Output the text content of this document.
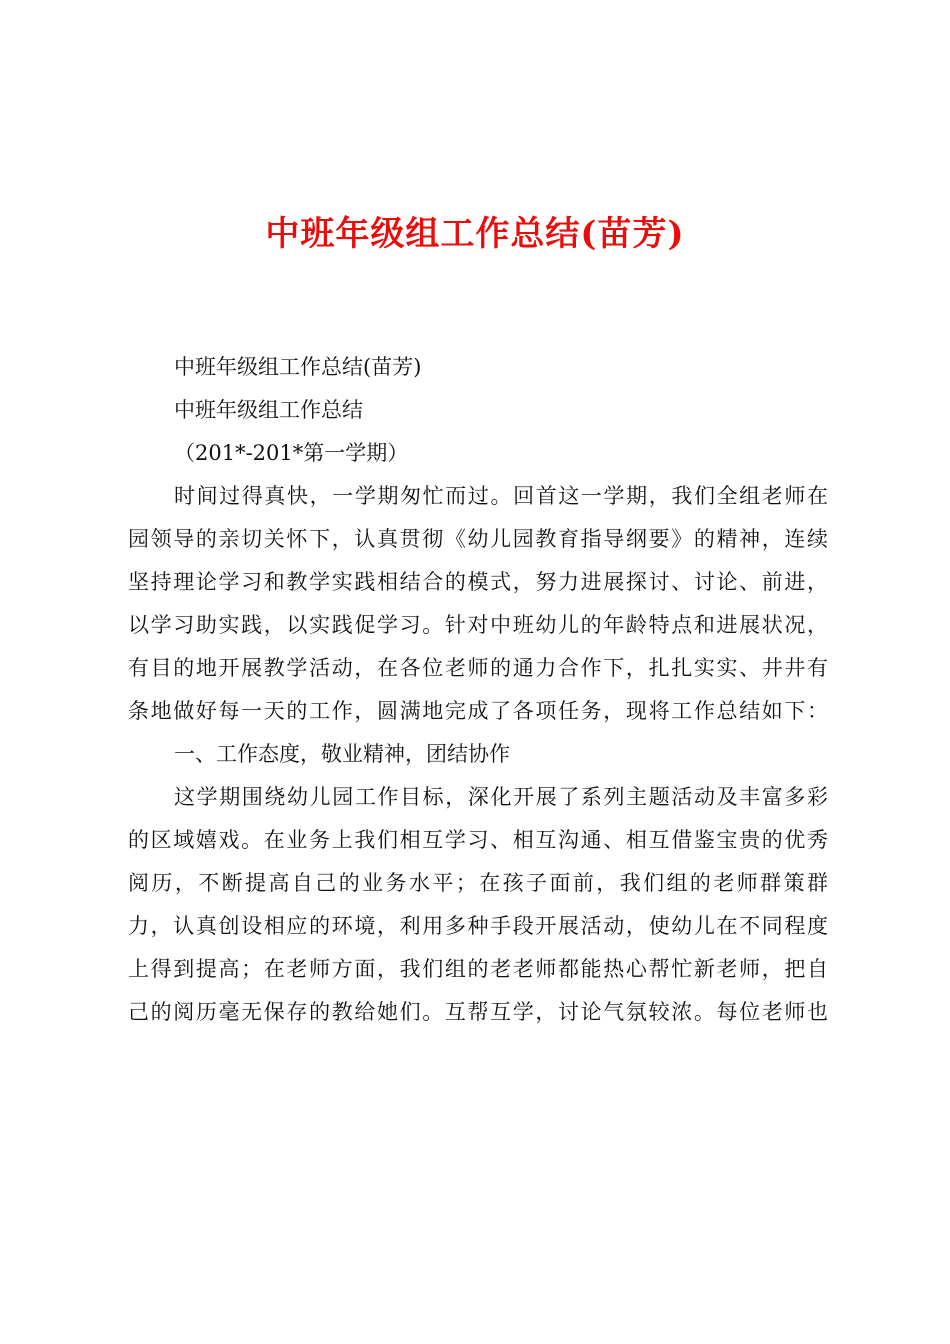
中班年级组工作总结(苗芳)
中班年级组工作总结(苗芳)
中班年级组工作总结
（201*-201*第一学期）
时间过得真快，一学期匆忙而过。回首这一学期，我们全组老师在
园领导的亲切关怀下，认真贯彻《幼儿园教育指导纲要》的精神，连续
坚持理论学习和教学实践相结合的模式，努力进展探讨、讨论、前进，
以学习助实践，以实践促学习。针对中班幼儿的年龄特点和进展状况，
有目的地开展教学活动，在各位老师的通力合作下，扎扎实实、井井有
条地做好每一天的工作，圆满地完成了各项任务，现将工作总结如下：
一、工作态度，敬业精神，团结协作
这学期围绕幼儿园工作目标，深化开展了系列主题活动及丰富多彩
的区域嬉戏。在业务上我们相互学习、相互沟通、相互借鉴宝贵的优秀
阅历，不断提高自己的业务水平；在孩子面前，我们组的老师群策群
力，认真创设相应的环境，利用多种手段开展活动，使幼儿在不同程度
上得到提高；在老师方面，我们组的老老师都能热心帮忙新老师，把自
己的阅历毫无保存的教给她们。互帮互学，讨论气氛较浓。每位老师也
